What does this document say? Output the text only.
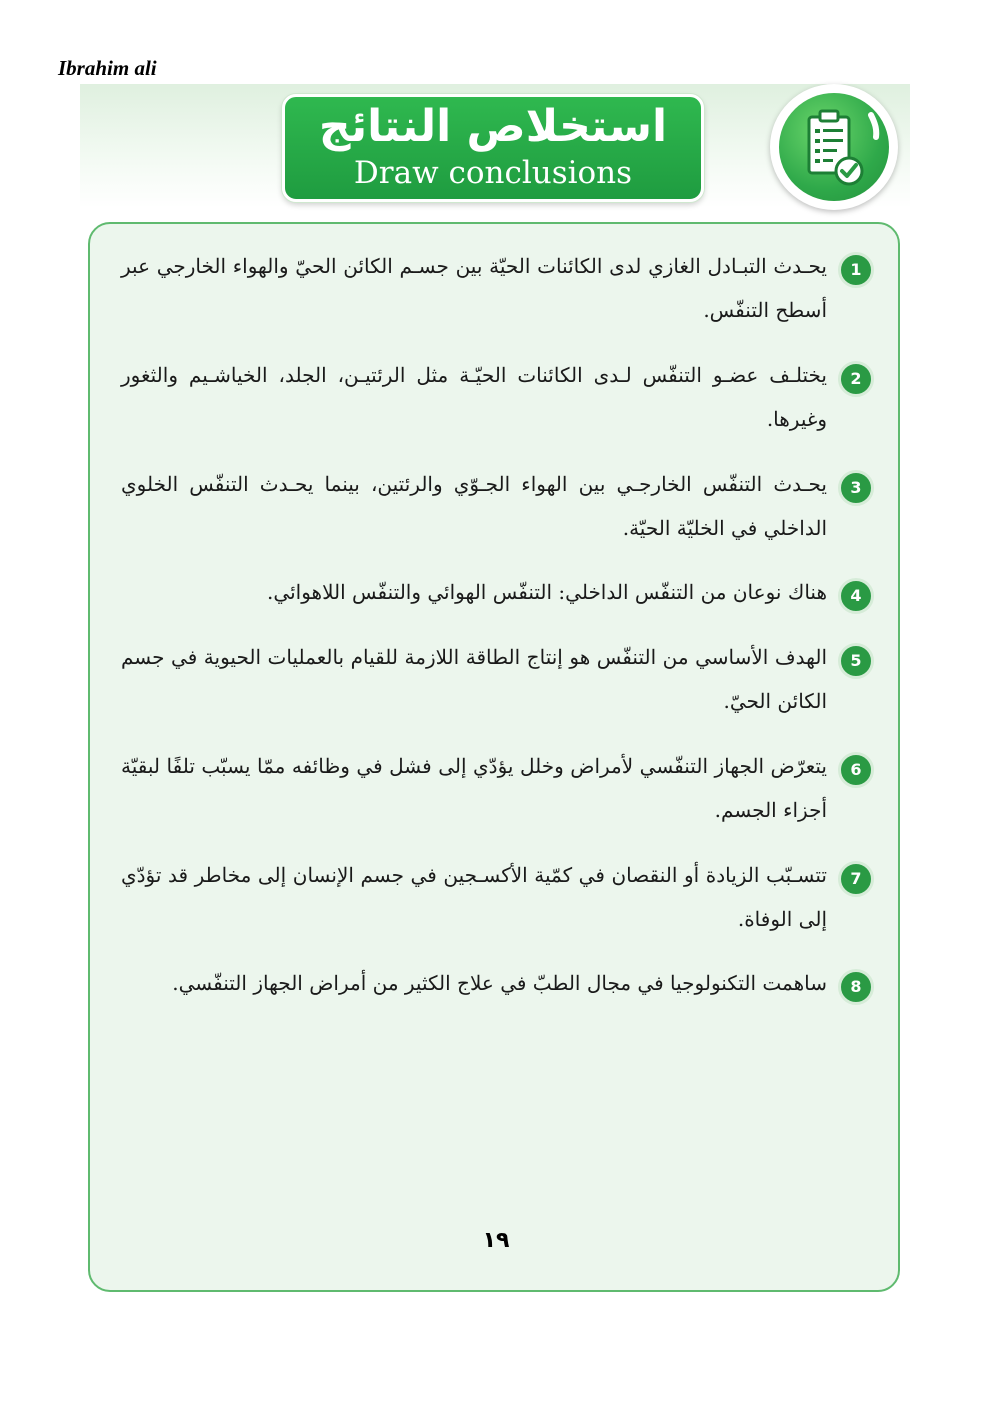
Ibrahim ali
استخلاص النتائج
Draw conclusions
1
يحـدث التبـادل الغازي لدى الكائنات الحيّة بين جسـم الكائن الحيّ والهواء الخارجي عبر أسطح التنفّس.
2
يختلـف عضـو التنفّس لـدى الكائنات الحيّـة مثل الرئتيـن، الجلد، الخياشـيم والثغور وغيرها.
3
يحـدث التنفّس الخارجـي بين الهواء الجـوّي والرئتين، بينما يحـدث التنفّس الخلوي الداخلي في الخليّة الحيّة.
4
هناك نوعان من التنفّس الداخلي: التنفّس الهوائي والتنفّس اللاهوائي.
5
الهدف الأساسي من التنفّس هو إنتاج الطاقة اللازمة للقيام بالعمليات الحيوية في جسم الكائن الحيّ.
6
يتعرّض الجهاز التنفّسي لأمراض وخلل يؤدّي إلى فشل في وظائفه ممّا يسبّب تلفًا لبقيّة أجزاء الجسم.
7
تتسـبّب الزيادة أو النقصان في كمّية الأكسـجين في جسم الإنسان إلى مخاطر قد تؤدّي إلى الوفاة.
8
ساهمت التكنولوجيا في مجال الطبّ في علاج الكثير من أمراض الجهاز التنفّسي.
١٩
